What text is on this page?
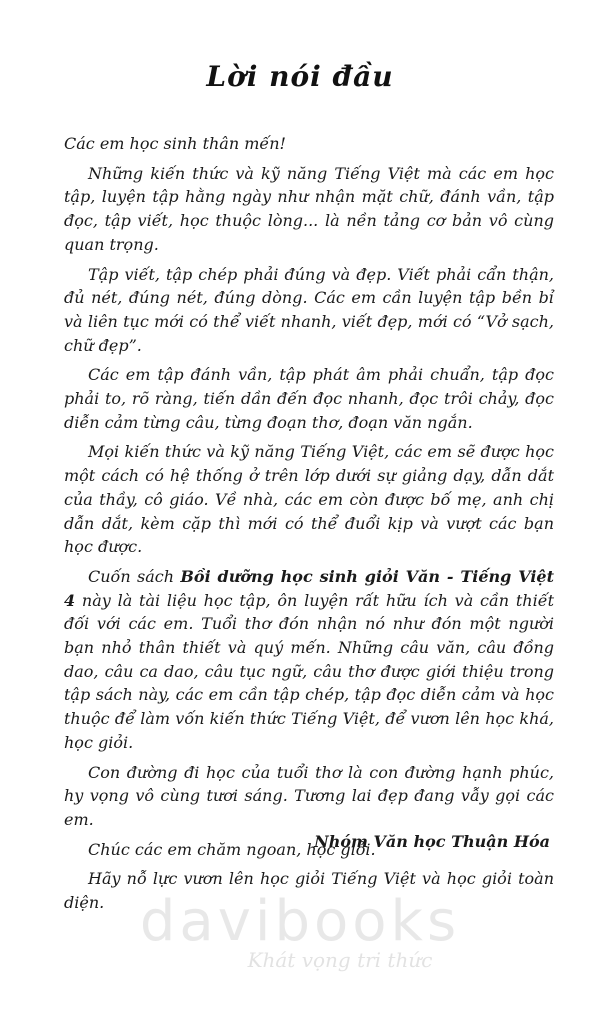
Lời nói đầu

Các em học sinh thân mến!

Những kiến thức và kỹ năng Tiếng Việt mà các em học tập, luyện tập hằng ngày như nhận mặt chữ, đánh vần, tập đọc, tập viết, học thuộc lòng... là nền tảng cơ bản vô cùng quan trọng.

Tập viết, tập chép phải đúng và đẹp. Viết phải cẩn thận, đủ nét, đúng nét, đúng dòng. Các em cần luyện tập bền bỉ và liên tục mới có thể viết nhanh, viết đẹp, mới có “Vở sạch, chữ đẹp”.

Các em tập đánh vần, tập phát âm phải chuẩn, tập đọc phải to, rõ ràng, tiến dần đến đọc nhanh, đọc trôi chảy, đọc diễn cảm từng câu, từng đoạn thơ, đoạn văn ngắn.

Mọi kiến thức và kỹ năng Tiếng Việt, các em sẽ được học một cách có hệ thống ở trên lớp dưới sự giảng dạy, dẫn dắt của thầy, cô giáo. Về nhà, các em còn được bố mẹ, anh chị dẫn dắt, kèm cặp thì mới có thể đuổi kịp và vượt các bạn học được.

Cuốn sách Bồi dưỡng học sinh giỏi Văn - Tiếng Việt 4 này là tài liệu học tập, ôn luyện rất hữu ích và cần thiết đối với các em. Tuổi thơ đón nhận nó như đón một người bạn nhỏ thân thiết và quý mến. Những câu văn, câu đồng dao, câu ca dao, câu tục ngữ, câu thơ được giới thiệu trong tập sách này, các em cần tập chép, tập đọc diễn cảm và học thuộc để làm vốn kiến thức Tiếng Việt, để vươn lên học khá, học giỏi.

Con đường đi học của tuổi thơ là con đường hạnh phúc, hy vọng vô cùng tươi sáng. Tương lai đẹp đang vẫy gọi các em.

Chúc các em chăm ngoan, học giỏi.

Hãy nỗ lực vươn lên học giỏi Tiếng Việt và học giỏi toàn diện.

Nhóm Văn học Thuận Hóa
davibooks
Khát vọng tri thức
